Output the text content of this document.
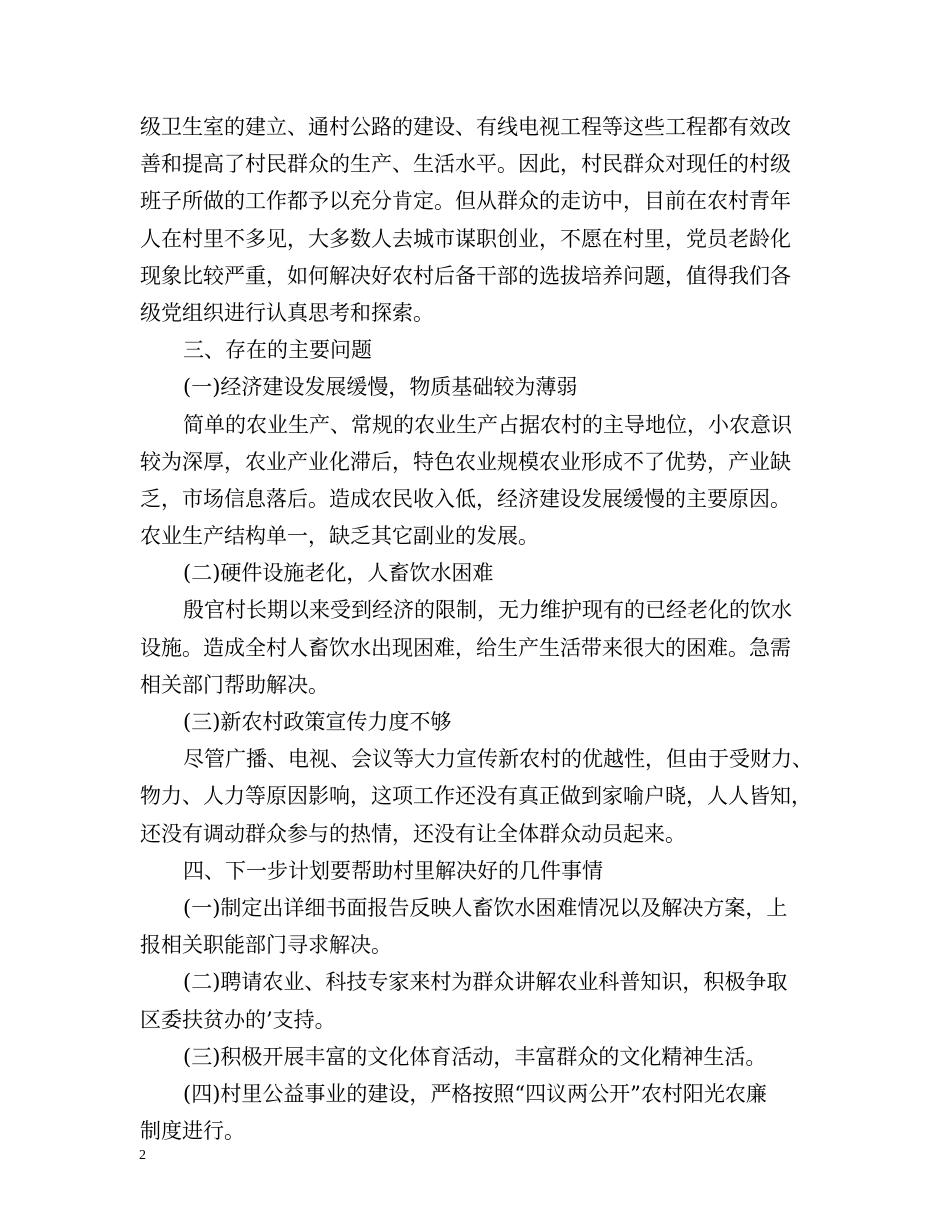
级卫生室的建立、通村公路的建设、有线电视工程等这些工程都有效改
善和提高了村民群众的生产、生活水平。因此，村民群众对现任的村级
班子所做的工作都予以充分肯定。但从群众的走访中，目前在农村青年
人在村里不多见，大多数人去城市谋职创业，不愿在村里，党员老龄化
现象比较严重，如何解决好农村后备干部的选拔培养问题，值得我们各
级党组织进行认真思考和探索。
三、存在的主要问题
(一)经济建设发展缓慢，物质基础较为薄弱
简单的农业生产、常规的农业生产占据农村的主导地位，小农意识
较为深厚，农业产业化滞后，特色农业规模农业形成不了优势，产业缺
乏，市场信息落后。造成农民收入低，经济建设发展缓慢的主要原因。
农业生产结构单一，缺乏其它副业的发展。
(二)硬件设施老化，人畜饮水困难
殷官村长期以来受到经济的限制，无力维护现有的已经老化的饮水
设施。造成全村人畜饮水出现困难，给生产生活带来很大的困难。急需
相关部门帮助解决。
(三)新农村政策宣传力度不够
尽管广播、电视、会议等大力宣传新农村的优越性，但由于受财力、
物力、人力等原因影响，这项工作还没有真正做到家喻户晓，人人皆知，
还没有调动群众参与的热情，还没有让全体群众动员起来。
四、下一步计划要帮助村里解决好的几件事情
(一)制定出详细书面报告反映人畜饮水困难情况以及解决方案，上
报相关职能部门寻求解决。
(二)聘请农业、科技专家来村为群众讲解农业科普知识，积极争取
区委扶贫办的’支持。
(三)积极开展丰富的文化体育活动，丰富群众的文化精神生活。
(四)村里公益事业的建设，严格按照“四议两公开”农村阳光农廉
制度进行。
2
